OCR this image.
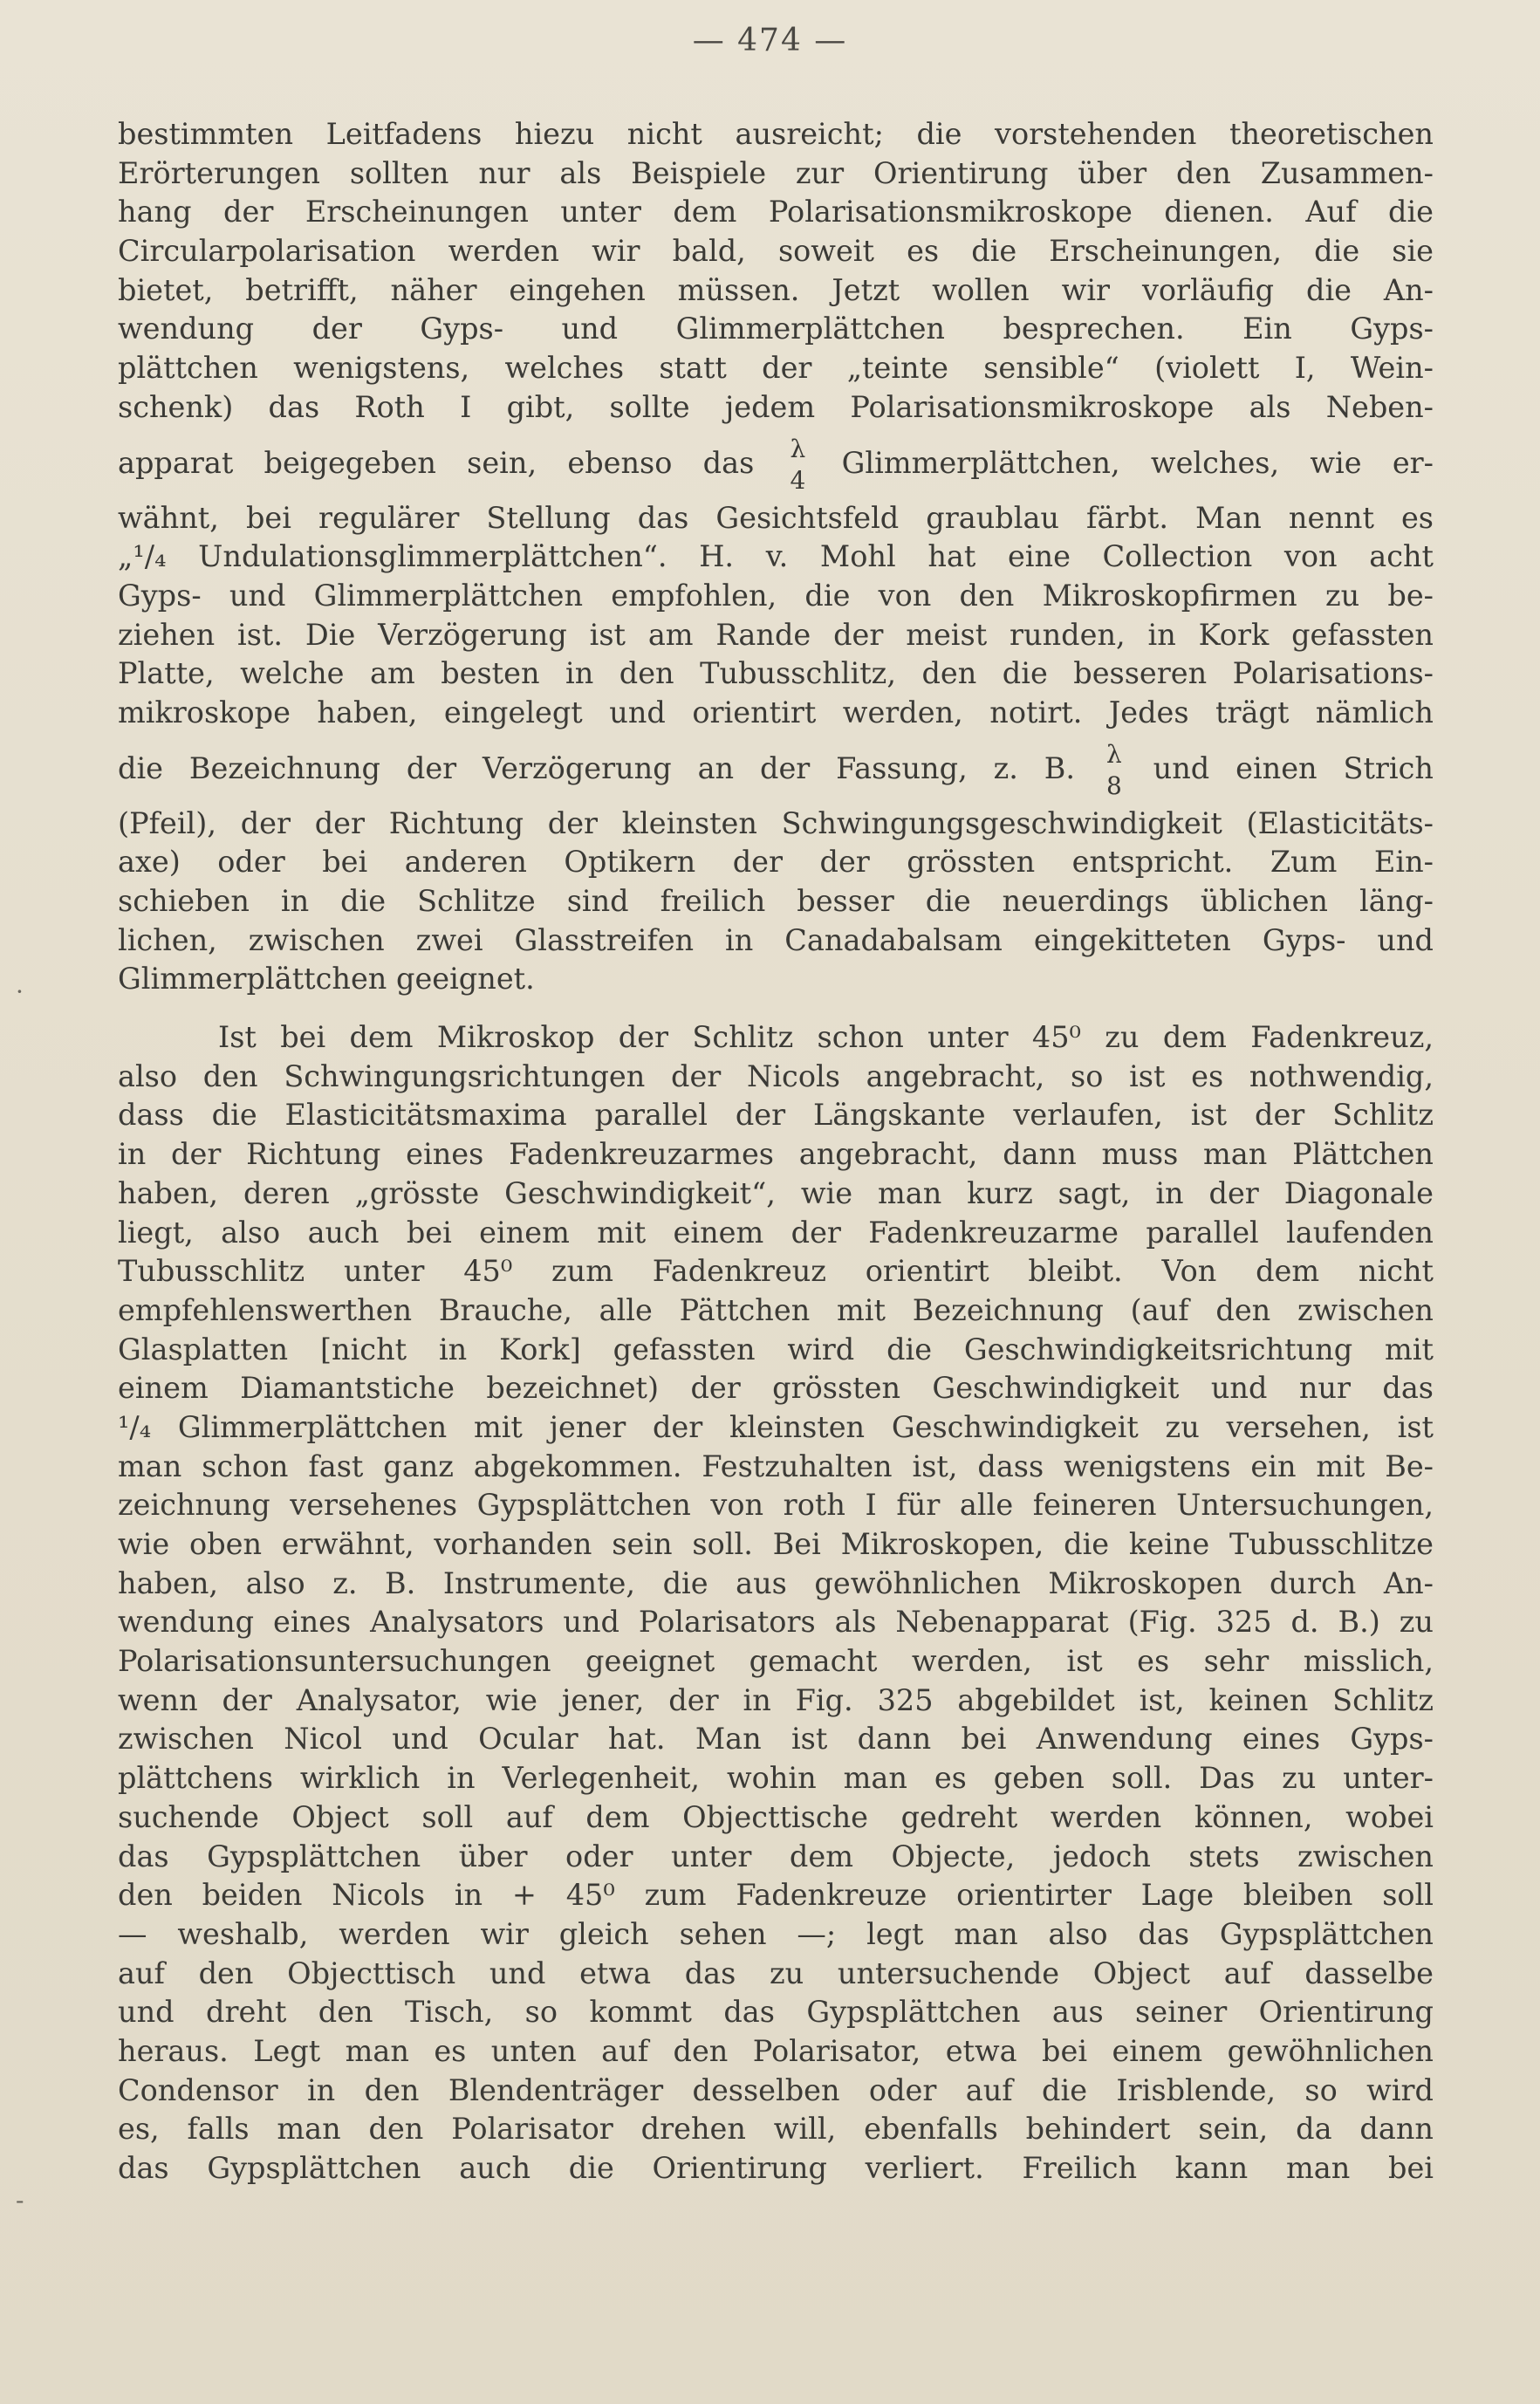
— 474 —
·
‐
bestimmten Leitfadens hiezu nicht ausreicht; die vorstehenden theoretischen
Erörterungen sollten nur als Beispiele zur Orientirung über den Zusammen-
hang der Erscheinungen unter dem Polarisationsmikroskope dienen. Auf die
Circularpolarisation werden wir bald, soweit es die Erscheinungen, die sie
bietet, betrifft, näher eingehen müssen. Jetzt wollen wir vorläufig die An-
wendung der Gyps- und Glimmerplättchen besprechen. Ein Gyps-
plättchen wenigstens, welches statt der „teinte sensible“ (violett I, Wein-
schenk) das Roth I gibt, sollte jedem Polarisationsmikroskope als Neben-
apparat beigegeben sein, ebenso das λ
4
Glimmerplättchen, welches, wie er-
wähnt, bei regulärer Stellung das Gesichtsfeld graublau färbt. Man nennt es
„¹/₄ Undulationsglimmerplättchen“. H. v. Mohl hat eine Collection von acht
Gyps- und Glimmerplättchen empfohlen, die von den Mikroskopfirmen zu be-
ziehen ist. Die Verzögerung ist am Rande der meist runden, in Kork gefassten
Platte, welche am besten in den Tubusschlitz, den die besseren Polarisations-
mikroskope haben, eingelegt und orientirt werden, notirt. Jedes trägt nämlich
die Bezeichnung der Verzögerung an der Fassung, z. B. λ
8
und einen Strich
(Pfeil), der der Richtung der kleinsten Schwingungsgeschwindigkeit (Elasticitäts-
axe) oder bei anderen Optikern der der grössten entspricht. Zum Ein-
schieben in die Schlitze sind freilich besser die neuerdings üblichen läng-
lichen, zwischen zwei Glasstreifen in Canadabalsam eingekitteten Gyps- und
Glimmerplättchen geeignet.
Ist bei dem Mikroskop der Schlitz schon unter 45⁰ zu dem Fadenkreuz,
also den Schwingungsrichtungen der Nicols angebracht, so ist es nothwendig,
dass die Elasticitätsmaxima parallel der Längskante verlaufen, ist der Schlitz
in der Richtung eines Fadenkreuzarmes angebracht, dann muss man Plättchen
haben, deren „grösste Geschwindigkeit“, wie man kurz sagt, in der Diagonale
liegt, also auch bei einem mit einem der Fadenkreuzarme parallel laufenden
Tubusschlitz unter 45⁰ zum Fadenkreuz orientirt bleibt. Von dem nicht
empfehlenswerthen Brauche, alle Pättchen mit Bezeichnung (auf den zwischen
Glasplatten [nicht in Kork] gefassten wird die Geschwindigkeitsrichtung mit
einem Diamantstiche bezeichnet) der grössten Geschwindigkeit und nur das
¹/₄ Glimmerplättchen mit jener der kleinsten Geschwindigkeit zu versehen, ist
man schon fast ganz abgekommen. Festzuhalten ist, dass wenigstens ein mit Be-
zeichnung versehenes Gypsplättchen von roth I für alle feineren Untersuchungen,
wie oben erwähnt, vorhanden sein soll. Bei Mikroskopen, die keine Tubusschlitze
haben, also z. B. Instrumente, die aus gewöhnlichen Mikroskopen durch An-
wendung eines Analysators und Polarisators als Nebenapparat (Fig. 325 d. B.) zu
Polarisationsuntersuchungen geeignet gemacht werden, ist es sehr misslich,
wenn der Analysator, wie jener, der in Fig. 325 abgebildet ist, keinen Schlitz
zwischen Nicol und Ocular hat. Man ist dann bei Anwendung eines Gyps-
plättchens wirklich in Verlegenheit, wohin man es geben soll. Das zu unter-
suchende Object soll auf dem Objecttische gedreht werden können, wobei
das Gypsplättchen über oder unter dem Objecte, jedoch stets zwischen
den beiden Nicols in + 45⁰ zum Fadenkreuze orientirter Lage bleiben soll
— weshalb, werden wir gleich sehen —; legt man also das Gypsplättchen
auf den Objecttisch und etwa das zu untersuchende Object auf dasselbe
und dreht den Tisch, so kommt das Gypsplättchen aus seiner Orientirung
heraus. Legt man es unten auf den Polarisator, etwa bei einem gewöhnlichen
Condensor in den Blendenträger desselben oder auf die Irisblende, so wird
es, falls man den Polarisator drehen will, ebenfalls behindert sein, da dann
das Gypsplättchen auch die Orientirung verliert. Freilich kann man bei
